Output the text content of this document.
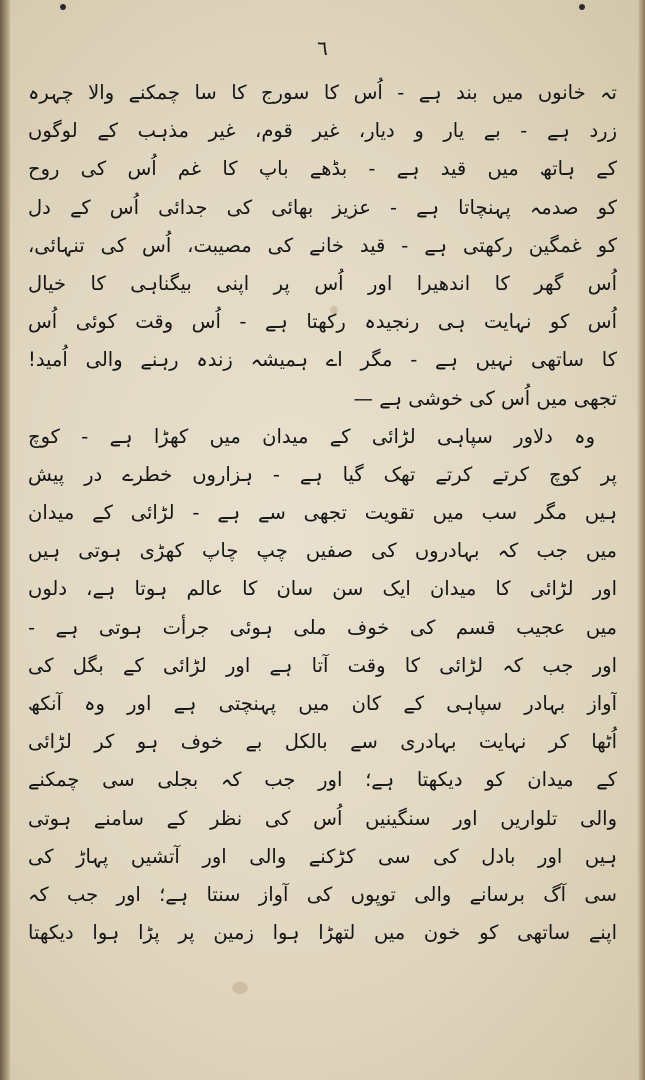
٦
تہ خانوں میں بند ہے - اُس کا سورج کا سا چمکنے والا چہرہ
زرد ہے - بے یار و دیار، غیر قوم، غیر مذہب کے لوگوں
کے ہاتھ میں قید ہے - بڈھے باپ کا غم اُس کی روح
کو صدمہ پہنچاتا ہے - عزیز بھائی کی جدائی اُس کے دل
کو غمگین رکھتی ہے - قید خانے کی مصیبت، اُس کی تنہائی،
اُس گھر کا اندھیرا اور اُس پر اپنی بیگناہی کا خیال
اُس کو نہایت ہی رنجیدہ رکھتا ہے - اُس وقت کوئی اُس
کا ساتھی نہیں ہے - مگر اے ہمیشہ زندہ رہنے والی اُمید!
تجھی میں اُس کی خوشی ہے —
وہ دلاور سپاہی لڑائی کے میدان میں کھڑا ہے - کوچ
پر کوچ کرتے کرتے تھک گیا ہے - ہزاروں خطرے در پیش
ہیں مگر سب میں تقویت تجھی سے ہے - لڑائی کے میدان
میں جب کہ بہادروں کی صفیں چپ چاپ کھڑی ہوتی ہیں
اور لڑائی کا میدان ایک سن سان کا عالم ہوتا ہے، دلوں
میں عجیب قسم کی خوف ملی ہوئی جرأت ہوتی ہے -
اور جب کہ لڑائی کا وقت آتا ہے اور لڑائی کے بگل کی
آواز بہادر سپاہی کے کان میں پہنچتی ہے اور وہ آنکھ
اُٹھا کر نہایت بہادری سے بالکل بے خوف ہو کر لڑائی
کے میدان کو دیکھتا ہے؛ اور جب کہ بجلی سی چمکنے
والی تلواریں اور سنگینیں اُس کی نظر کے سامنے ہوتی
ہیں اور بادل کی سی کڑکنے والی اور آتشیں پہاڑ کی
سی آگ برسانے والی توپوں کی آواز سنتا ہے؛ اور جب کہ
اپنے ساتھی کو خون میں لتھڑا ہوا زمین پر پڑا ہوا دیکھتا
